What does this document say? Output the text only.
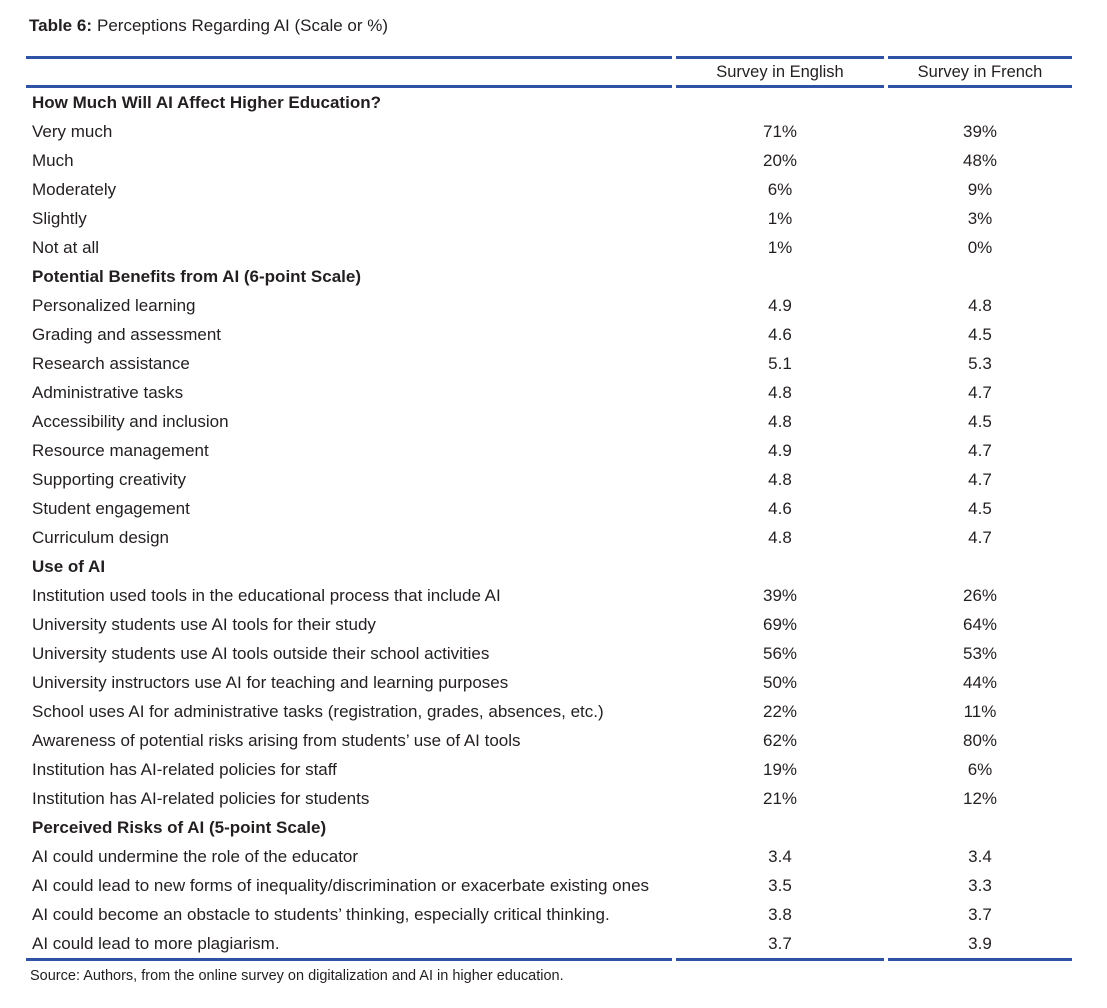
Table 6: Perceptions Regarding AI (Scale or %)

Survey in English	Survey in French
How Much Will AI Affect Higher Education?
Very much	71%	39%
Much	20%	48%
Moderately	6%	9%
Slightly	1%	3%
Not at all	1%	0%
Potential Benefits from AI (6-point Scale)
Personalized learning	4.9	4.8
Grading and assessment	4.6	4.5
Research assistance	5.1	5.3
Administrative tasks	4.8	4.7
Accessibility and inclusion	4.8	4.5
Resource management	4.9	4.7
Supporting creativity	4.8	4.7
Student engagement	4.6	4.5
Curriculum design	4.8	4.7
Use of AI
Institution used tools in the educational process that include AI	39%	26%
University students use AI tools for their study	69%	64%
University students use AI tools outside their school activities	56%	53%
University instructors use AI for teaching and learning purposes	50%	44%
School uses AI for administrative tasks (registration, grades, absences, etc.)	22%	11%
Awareness of potential risks arising from students’ use of AI tools	62%	80%
Institution has AI-related policies for staff	19%	6%
Institution has AI-related policies for students	21%	12%
Perceived Risks of AI (5-point Scale)
AI could undermine the role of the educator	3.4	3.4
AI could lead to new forms of inequality/discrimination or exacerbate existing ones	3.5	3.3
AI could become an obstacle to students’ thinking, especially critical thinking.	3.8	3.7
AI could lead to more plagiarism.	3.7	3.9

Source: Authors, from the online survey on digitalization and AI in higher education.
